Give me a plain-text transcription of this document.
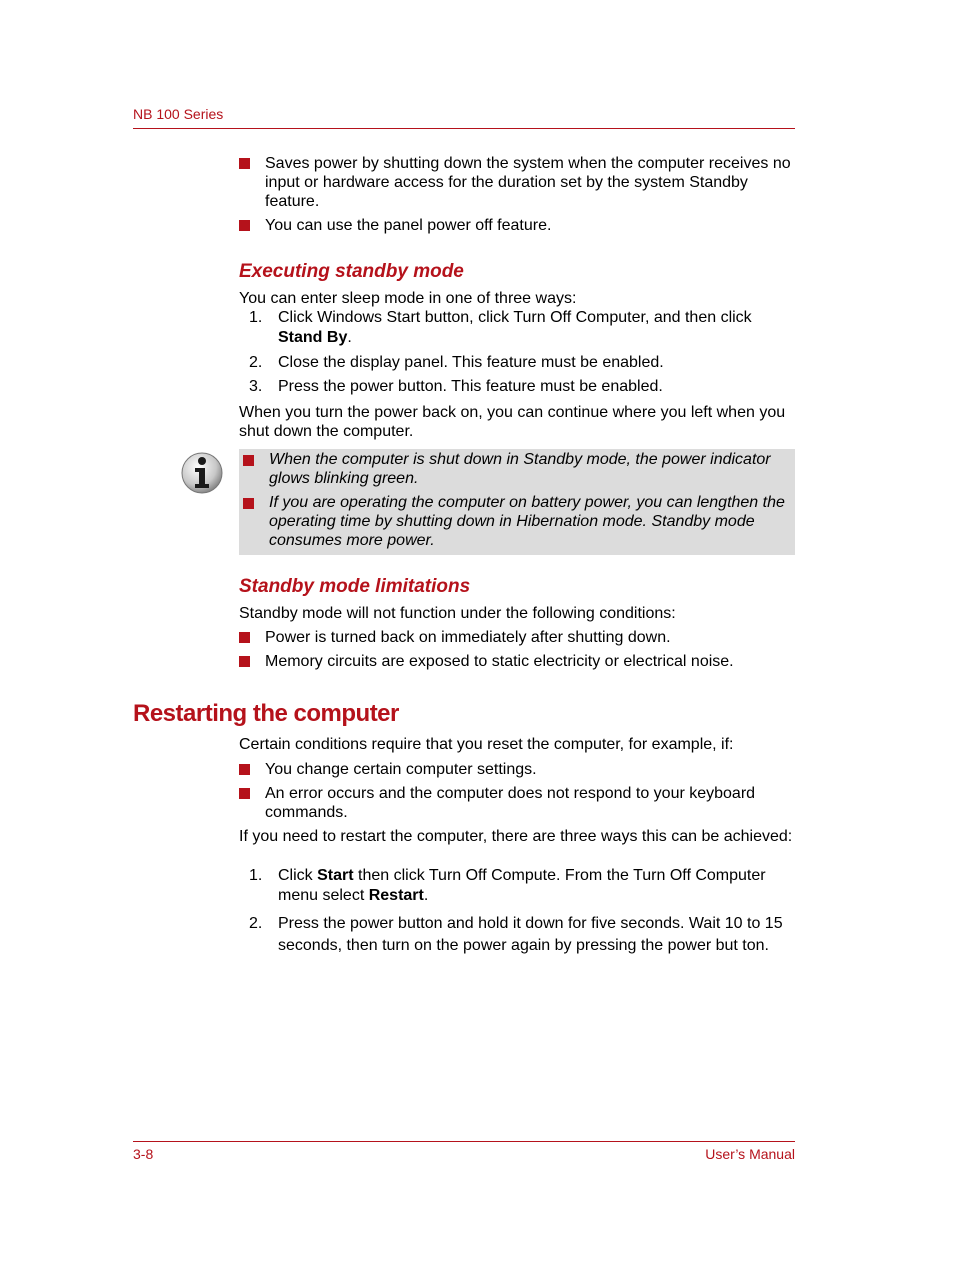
NB 100 Series
Saves power by shutting down the system when the computer receives no input or hardware access for the duration set by the system Standby feature.
You can use the panel power off feature.
Executing standby mode
You can enter sleep mode in one of three ways:
1. Click Windows Start button, click Turn Off Computer, and then click
Stand By.
2. Close the display panel. This feature must be enabled.
3. Press the power button. This feature must be enabled.
When you turn the power back on, you can continue where you left when you shut down the computer.
When the computer is shut down in Standby mode, the power indicator glows blinking green.
If you are operating the computer on battery power, you can lengthen the operating time by shutting down in Hibernation mode. Standby mode consumes more power.
Standby mode limitations
Standby mode will not function under the following conditions:
Power is turned back on immediately after shutting down.
Memory circuits are exposed to static electricity or electrical noise.
Restarting the computer
Certain conditions require that you reset the computer, for example, if:
You change certain computer settings.
An error occurs and the computer does not respond to your keyboard commands.
If you need to restart the computer, there are three ways this can be achieved:
1. Click Start then click Turn Off Compute. From the Turn Off Computer menu select Restart.
2. Press the power button and hold it down for five seconds. Wait 10 to 15 seconds, then turn on the power again by pressing the power but ton.
3-8	User’s Manual
